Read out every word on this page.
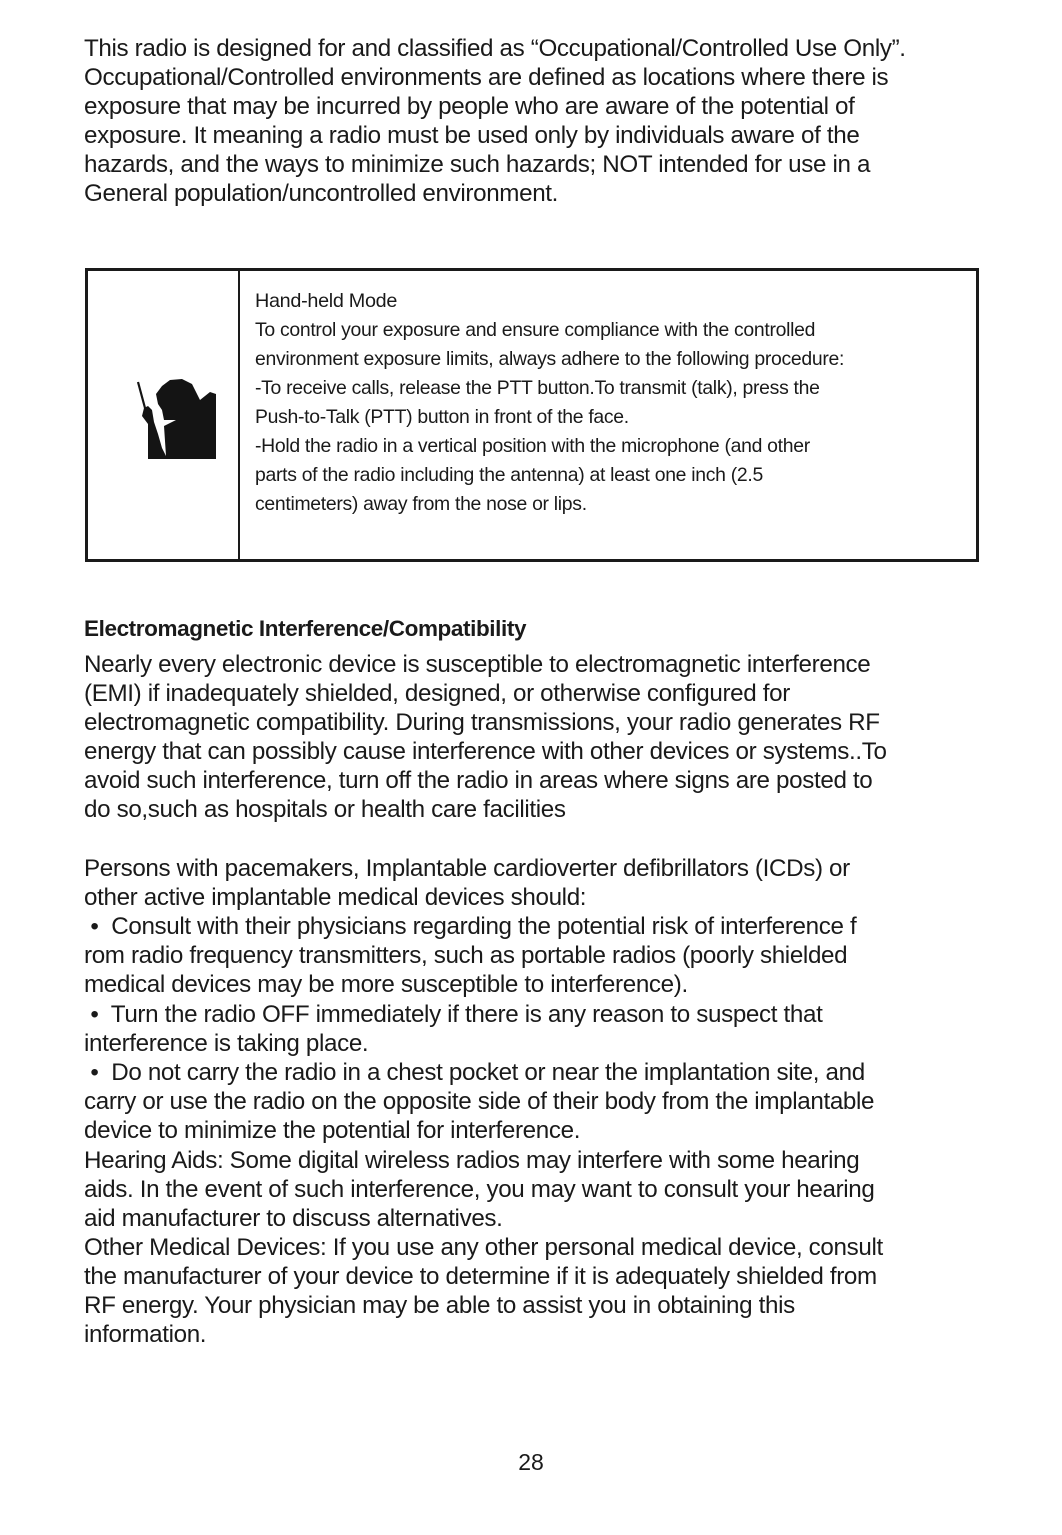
This radio is designed for and classified as “Occupational/Controlled Use Only”.
Occupational/Controlled environments are defined as locations where there is
exposure that may be incurred by people who are aware of the potential of
exposure. It meaning a radio must be used only by individuals aware of the
hazards, and the ways to minimize such hazards; NOT intended for use in a
General population/uncontrolled environment.
Hand-held Mode
To control your exposure and ensure compliance with the controlled
environment exposure limits, always adhere to the following procedure:
-To receive calls, release the PTT button.To transmit (talk), press the
Push-to-Talk (PTT) button in front of the face.
-Hold the radio in a vertical position with the microphone (and other
parts of the radio including the antenna) at least one inch (2.5
centimeters) away from the nose or lips.
Electromagnetic Interference/Compatibility
Nearly every electronic device is susceptible to electromagnetic interference
(EMI) if inadequately shielded, designed, or otherwise configured for
electromagnetic compatibility. During transmissions, your radio generates RF
energy that can possibly cause interference with other devices or systems..To
avoid such interference, turn off the radio in areas where signs are posted to
do so,such as hospitals or health care facilities
Persons with pacemakers, Implantable cardioverter defibrillators (ICDs) or
other active implantable medical devices should:
•  Consult with their physicians regarding the potential risk of interference f
rom radio frequency transmitters, such as portable radios (poorly shielded
medical devices may be more susceptible to interference).
•  Turn the radio OFF immediately if there is any reason to suspect that
interference is taking place.
•  Do not carry the radio in a chest pocket or near the implantation site, and
carry or use the radio on the opposite side of their body from the implantable
device to minimize the potential for interference.
Hearing Aids: Some digital wireless radios may interfere with some hearing
aids. In the event of such interference, you may want to consult your hearing
aid manufacturer to discuss alternatives.
Other Medical Devices: If you use any other personal medical device, consult
the manufacturer of your device to determine if it is adequately shielded from
RF energy. Your physician may be able to assist you in obtaining this
information.
28
